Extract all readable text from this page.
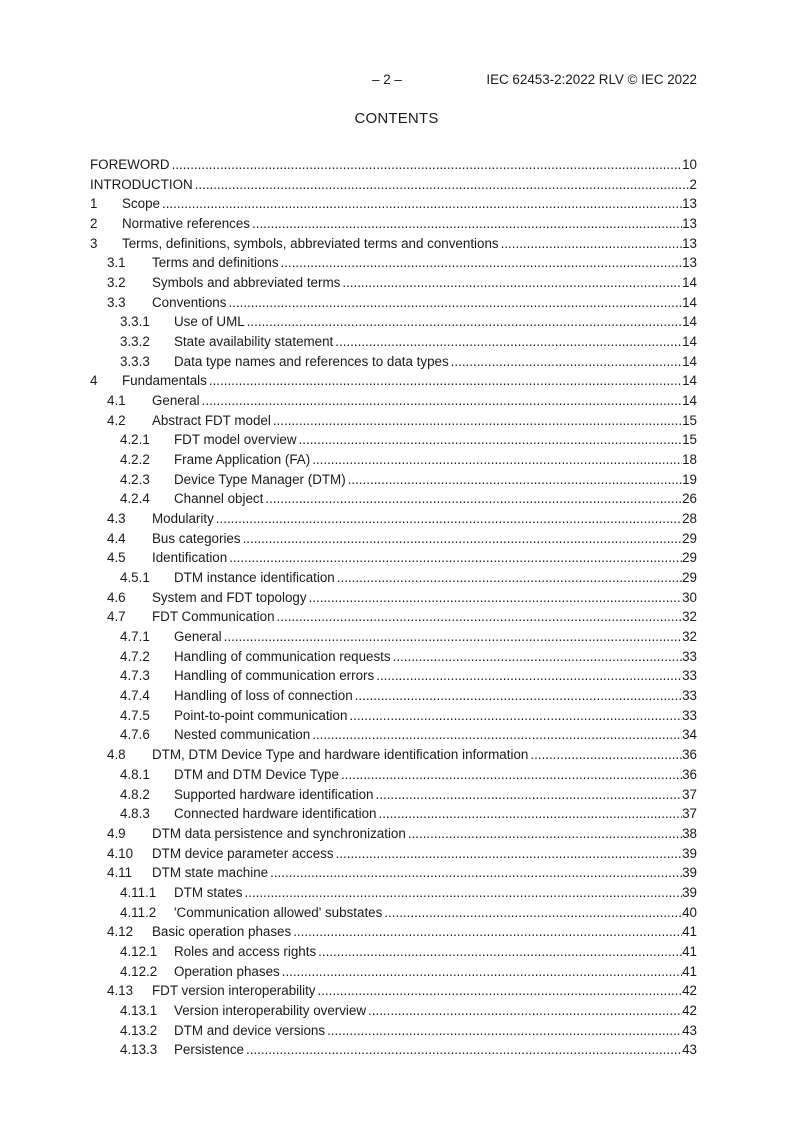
– 2 –	IEC 62453-2:2022 RLV © IEC 2022
CONTENTS
FOREWORD .....	10
INTRODUCTION .....	2
1	Scope .....	13
2	Normative references .....	13
3	Terms, definitions, symbols, abbreviated terms and conventions .....	13
3.1	Terms and definitions .....	13
3.2	Symbols and abbreviated terms .....	14
3.3	Conventions .....	14
3.3.1	Use of UML .....	14
3.3.2	State availability statement .....	14
3.3.3	Data type names and references to data types .....	14
4	Fundamentals .....	14
4.1	General .....	14
4.2	Abstract FDT model .....	15
4.2.1	FDT model overview .....	15
4.2.2	Frame Application (FA) .....	18
4.2.3	Device Type Manager (DTM) .....	19
4.2.4	Channel object .....	26
4.3	Modularity .....	28
4.4	Bus categories .....	29
4.5	Identification .....	29
4.5.1	DTM instance identification .....	29
4.6	System and FDT topology .....	30
4.7	FDT Communication .....	32
4.7.1	General .....	32
4.7.2	Handling of communication requests .....	33
4.7.3	Handling of communication errors .....	33
4.7.4	Handling of loss of connection .....	33
4.7.5	Point-to-point communication .....	33
4.7.6	Nested communication .....	34
4.8	DTM, DTM Device Type and hardware identification information .....	36
4.8.1	DTM and DTM Device Type .....	36
4.8.2	Supported hardware identification .....	37
4.8.3	Connected hardware identification .....	37
4.9	DTM data persistence and synchronization .....	38
4.10	DTM device parameter access .....	39
4.11	DTM state machine .....	39
4.11.1	DTM states .....	39
4.11.2	'Communication allowed' substates .....	40
4.12	Basic operation phases .....	41
4.12.1	Roles and access rights .....	41
4.12.2	Operation phases .....	41
4.13	FDT version interoperability .....	42
4.13.1	Version interoperability overview .....	42
4.13.2	DTM and device versions .....	43
4.13.3	Persistence .....	43
